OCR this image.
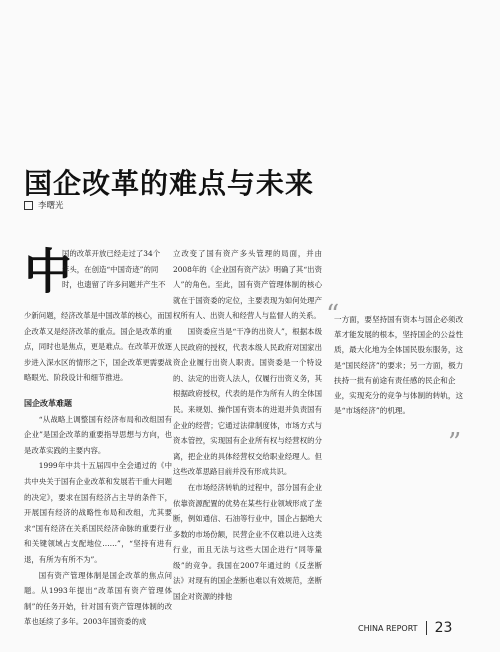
国企改革的难点与未来
李曙光
中
国的改革开放已经走过了34个
年头，在创造“中国奇迹”的同
时，也遗留了许多问题并产生不

少新问题，经济改革是中国改革的核心，而国企改革又是经济改革的重点。国企是改革的重点，同时也是焦点，更是难点。在改革开放逐步进入深水区的情形之下，国企改革更需要战略眼光、阶段设计和细节推进。

国企改革难题

“从战略上调整国有经济布局和改组国有企业”是国企改革的重要指导思想与方向，也是改革实践的主要内容。

1999年中共十五届四中全会通过的《中共中央关于国有企业改革和发展若干重大问题的决定》，要求在国有经济占主导的条件下，开展国有经济的战略性布局和改组，尤其要求“国有经济在关系国民经济命脉的重要行业和关键领域占支配地位……”，“坚持有进有退，有所为有所不为”。

国有资产管理体制是国企改革的焦点问题。从1993年提出“改革国有资产管理体制”的任务开始，针对国有资产管理体制的改革也延续了多年。2003年国资委的成

立改变了国有资产多头管理的局面，并由2008年的《企业国有资产法》明确了其“出资人”的角色。至此，国有资产管理体制的核心就在于国资委的定位，主要表现为如何处理产权所有人、出资人和经营人与监督人的关系。

国资委应当是“干净的出资人”，根据本级人民政府的授权，代表本级人民政府对国家出资企业履行出资人职责。国资委是一个特设的、法定的出资人法人，仅履行出资义务，其根据政府授权，代表的是作为所有人的全体国民。来规划、操作国有资本的进退并负责国有企业的经营；它通过法律制度体，市场方式与资本管控，实现国有企业所有权与经营权的分离，把企业的具体经营权交给职业经理人。但这些改革思路目前并没有形成共识。

在市场经济转轨的过程中，部分国有企业依靠资源配置的优势在某些行业领域形成了垄断，例如通信、石油等行业中，国企占据绝大多数的市场份额，民营企业不仅难以进入这类行业，而且无法与这些大国企进行“同等量级”的竞争。我国在2007年通过的《反垄断法》对现有的国企垄断也难以有效规范，垄断国企对资源的排他

“

一方面，要坚持国有资本与国企必须改革才能发展的根本，坚持国企的公益性质，最大化地为全体国民股东服务，这是“国民经济”的要求；另一方面，极力扶持一批有前途有责任感的民企和企业，实现充分的竞争与体制的转轨，这是“市场经济”的机理。

”
CHINA REPORT 23
